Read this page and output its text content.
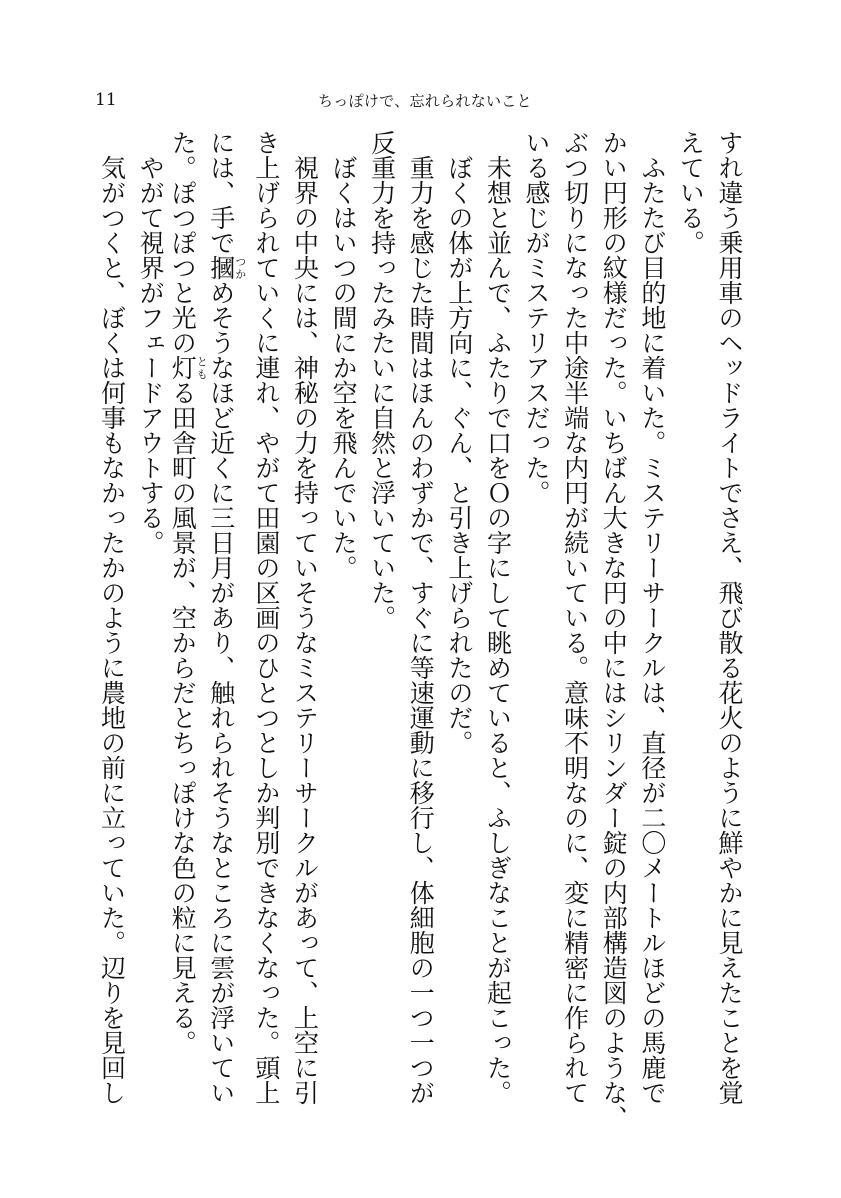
11	ちっぽけで、忘れられないこと
すれ違う乗用車のヘッドライトでさえ、飛び散る花火のように鮮やかに見えたことを覚
えている。
ふたたび目的地に着いた。ミステリーサークルは、直径が二〇メートルほどの馬鹿で
かい円形の紋様だった。いちばん大きな円の中にはシリンダー錠の内部構造図のような、
ぶつ切りになった中途半端な内円が続いている。意味不明なのに、変に精密に作られて
いる感じがミステリアスだった。
未想と並んで、ふたりで口をＯの字にして眺めていると、ふしぎなことが起こった。
ぼくの体が上方向に、ぐん、と引き上げられたのだ。
重力を感じた時間はほんのわずかで、すぐに等速運動に移行し、体細胞の一つ一つが
反重力を持ったみたいに自然と浮いていた。
ぼくはいつの間にか空を飛んでいた。
視界の中央には、神秘の力を持っていそうなミステリーサークルがあって、上空に引
き上げられていくに連れ、やがて田園の区画のひとつとしか判別できなくなった。頭上
には、手で摑つかめそうなほど近くに三日月があり、触れられそうなところに雲が浮いてい
た。ぽつぽつと光の灯ともる田舎町の風景が、空からだとちっぽけな色の粒に見える。
やがて視界がフェードアウトする。
気がつくと、ぼくは何事もなかったかのように農地の前に立っていた。辺りを見回し
